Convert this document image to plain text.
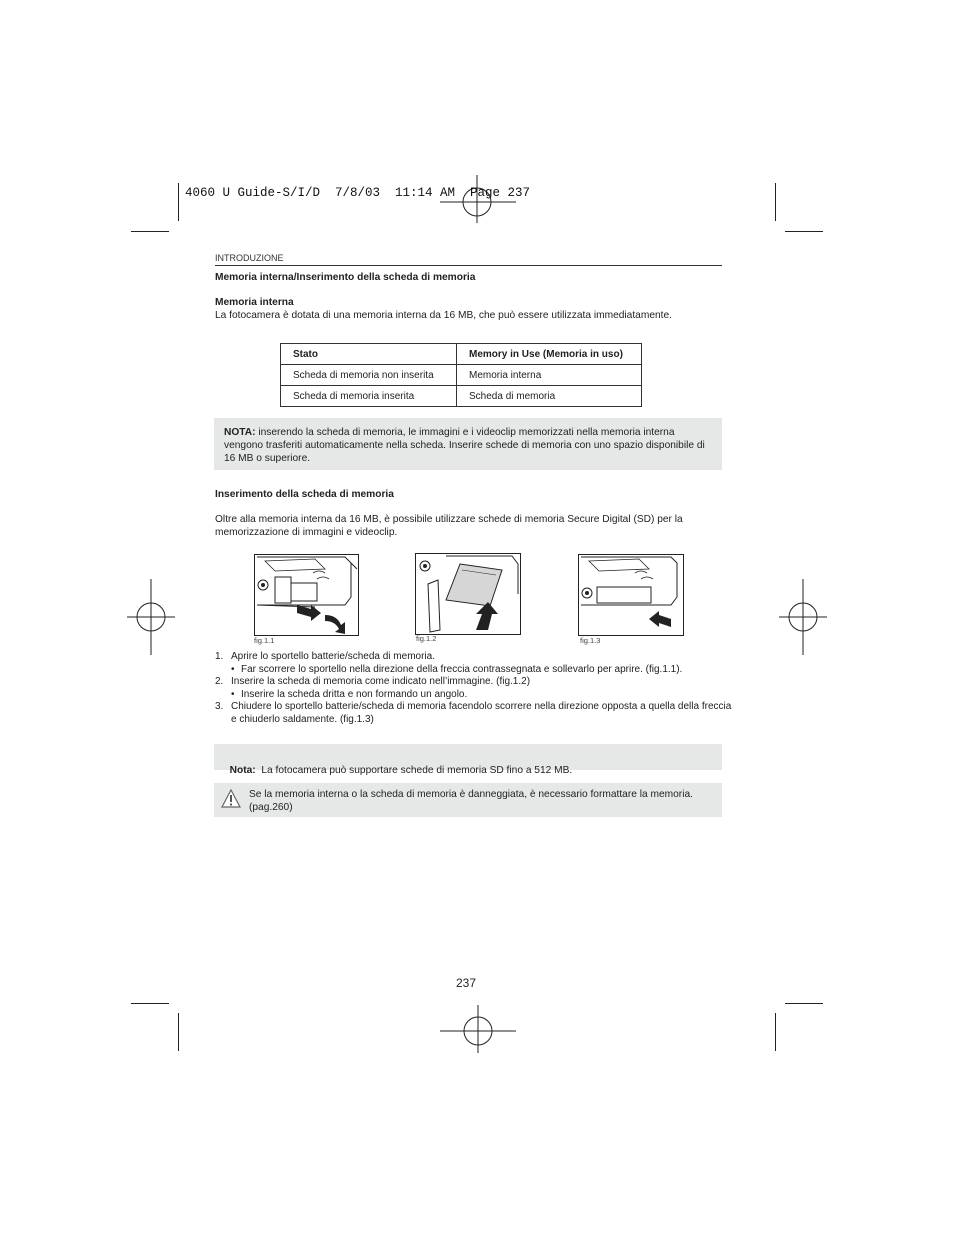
4060 U Guide-S/I/D  7/8/03  11:14 AM  Page 237
INTRODUZIONE
Memoria interna/Inserimento della scheda di memoria
Memoria interna
La fotocamera è dotata di una memoria interna da 16 MB, che può essere utilizzata immediatamente.
Stato	Memory in Use (Memoria in uso)
Scheda di memoria non inserita	Memoria interna
Scheda di memoria inserita	Scheda di memoria
NOTA: inserendo la scheda di memoria, le immagini e i videoclip memorizzati nella memoria interna vengono trasferiti automaticamente nella scheda. Inserire schede di memoria con uno spazio disponibile di 16 MB o superiore.
Inserimento della scheda di memoria
Oltre alla memoria interna da 16 MB, è possibile utilizzare schede di memoria Secure Digital (SD) per la memorizzazione di immagini e videoclip.
fig.1.1	fig.1.2	fig.1.3
1. Aprire lo sportello batterie/scheda di memoria.
• Far scorrere lo sportello nella direzione della freccia contrassegnata e sollevarlo per aprire. (fig.1.1).
2. Inserire la scheda di memoria come indicato nell’immagine. (fig.1.2)
• Inserire la scheda dritta e non formando un angolo.
3. Chiudere lo sportello batterie/scheda di memoria facendolo scorrere nella direzione opposta a quella della freccia e chiuderlo saldamente. (fig.1.3)

Nota:  La fotocamera può supportare schede di memoria SD fino a 512 MB.

Se la memoria interna o la scheda di memoria è danneggiata, è necessario formattare la memoria. (pag.260)
237
